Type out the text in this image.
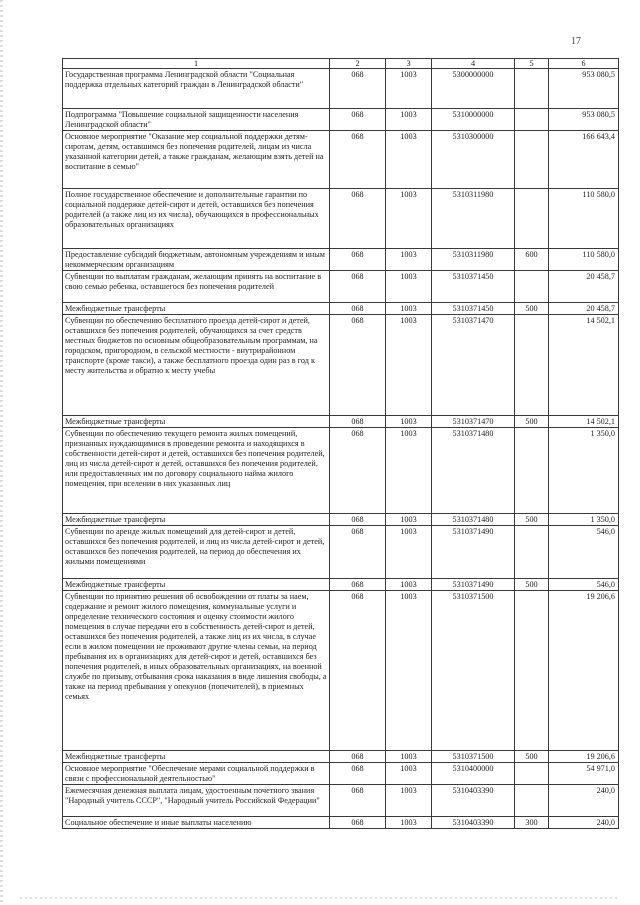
17
1	2	3	4	5	6
Государственная программа Ленинградской области "Социальная поддержка отдельных категорий граждан в Ленинградской области"	068	1003	5300000000		953 080,5
Подпрограмма "Повышение социальной защищенности населения Ленинградской области"	068	1003	5310000000		953 080,5
Основное мероприятие "Оказание мер социальной поддержки детям-сиротам, детям, оставшимся без попечения родителей, лицам из числа указанной категории детей, а также гражданам, желающим взять детей на воспитание в семью"	068	1003	5310300000		166 643,4
Полное государственное обеспечение и дополнительные гарантии по социальной поддержке детей-сирот и детей, оставшихся без попечения родителей (а также лиц из их числа), обучающихся в профессиональных образовательных организациях	068	1003	5310311980		110 580,0
Предоставление субсидий бюджетным, автономным учреждениям и иным некоммерческим организациям	068	1003	5310311980	600	110 580,0
Субвенции по выплатам гражданам, желающим принять на воспитание в свою семью ребенка, оставшегося без попечения родителей	068	1003	5310371450		20 458,7
Межбюджетные трансферты	068	1003	5310371450	500	20 458,7
Субвенции по обеспечению бесплатного проезда детей-сирот и детей, оставшихся без попечения родителей, обучающихся за счет средств местных бюджетов по основным общеобразовательным программам, на городском, пригородном, в сельской местности - внутрирайонном транспорте (кроме такси), а также бесплатного проезда один раз в год к месту жительства и обратно к месту учебы	068	1003	5310371470		14 502,1
Межбюджетные трансферты	068	1003	5310371470	500	14 502,1
Субвенции по обеспечению текущего ремонта жилых помещений, признанных нуждающимися в проведении ремонта и находящихся в собственности детей-сирот и детей, оставшихся без попечения родителей, лиц из числа детей-сирот и детей, оставшихся без попечения родителей, или предоставленных им по договору социального найма жилого помещения, при вселении в них указанных лиц	068	1003	5310371480		1 350,0
Межбюджетные трансферты	068	1003	5310371480	500	1 350,0
Субвенции по аренде жилых помещений для детей-сирот и детей, оставшихся без попечения родителей, и лиц из числа детей-сирот и детей, оставшихся без попечения родителей, на период до обеспечения их жилыми помещениями	068	1003	5310371490		546,0
Межбюджетные трансферты	068	1003	5310371490	500	546,0
Субвенции по принятию решения об освобождении от платы за наем, содержание и ремонт жилого помещения, коммунальные услуги и определение технического состояния и оценку стоимости жилого помещения в случае передачи его в собственность детей-сирот и детей, оставшихся без попечения родителей, а также лиц из их числа, в случае если в жилом помещении не проживают другие члены семьи, на период пребывания их в организациях для детей-сирот и детей, оставшихся без попечения родителей, в иных образовательных организациях, на военной службе по призыву, отбывания срока наказания в виде лишения свободы, а также на период пребывания у опекунов (попечителей), в приемных семьях	068	1003	5310371500		19 206,6
Межбюджетные трансферты	068	1003	5310371500	500	19 206,6
Основное мероприятие "Обеспечение мерами социальной поддержки в связи с профессиональной деятельностью"	068	1003	5310400000		54 971,0
Ежемесячная денежная выплата лицам, удостоенным почетного звания "Народный учитель СССР", "Народный учитель Российской Федерации"	068	1003	5310403390		240,0
Социальное обеспечение и иные выплаты населению	068	1003	5310403390	300	240,0
